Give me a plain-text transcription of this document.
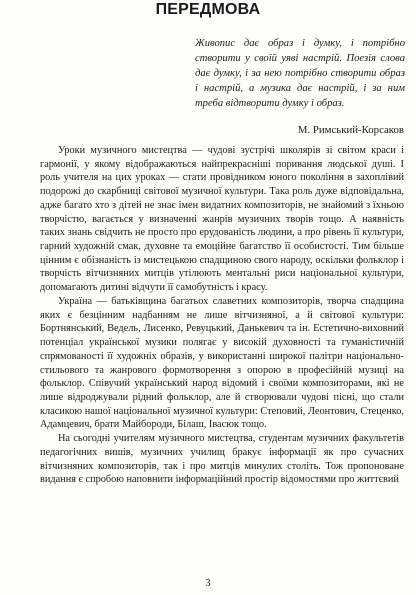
ПЕРЕДМОВА

Живопис дає образ і думку, і потрібно створити у своїй уяві настрій. Поезія слова дає думку, і за нею потрібно створити образ і настрій, а музика дає настрій, і за ним треба відтворити думку і образ.

М. Римський-Корсаков

Уроки музичного мистецтва — чудові зустрічі школярів зі світом краси і гармонії, у якому відображаються найпрекрасніші поривання людської душі. І роль учителя на цих уроках — стати провідником юного покоління в захоплівий подорожі до скарбниці світової музичної культури. Така роль дуже відповідальна, адже багато хто з дітей не знає імен видатних композиторів, не знайомий з їхньою творчістю, вагається у визначенні жанрів музичних творів тощо. А наявність таких знань свідчить не просто про ерудованість людини, а про рівень її культури, гарний художній смак, духовне та емоційне багатство її особистості. Тим більше цінним є обізнаність із мистецькою спадщиною свого народу, оскільки фольклор і творчість вітчизняних митців утілюють ментальні риси національної культури, допомагають дитині відчути її самобутність і красу.

Україна — батьківщина багатьох славетних композиторів, творча спадщина яких є безцінним надбанням не лише вітчизняної, а й світової культури: Бортнянський, Ведель, Лисенко, Ревуцький, Данькевич та ін. Естетично-виховний потенціал української музики полягає у високій духовності та гуманістичній спрямованості її художніх образів, у використанні широкої палітри національно-стильового та жанрового формотворення з опорою в професійній музиці на фольклор. Співучий український народ відомий і своїми композиторами, які не лише відроджували рідний фольклор, але й створювали чудові пісні, що стали класикою нашої національної музичної культури: Степовий, Леонтович, Стеценко, Адамцевич, брати Майбороди, Білаш, Івасюк тощо.

На сьогодні учителям музичного мистецтва, студентам музичних факультетів педагогічних вишів, музичних училищ бракує інформації як про сучасних вітчизняних композиторів, так і про митців минулих століть. Тож пропоноване видання є спробою наповнити інформаційний простір відомостями про життєвий

3
